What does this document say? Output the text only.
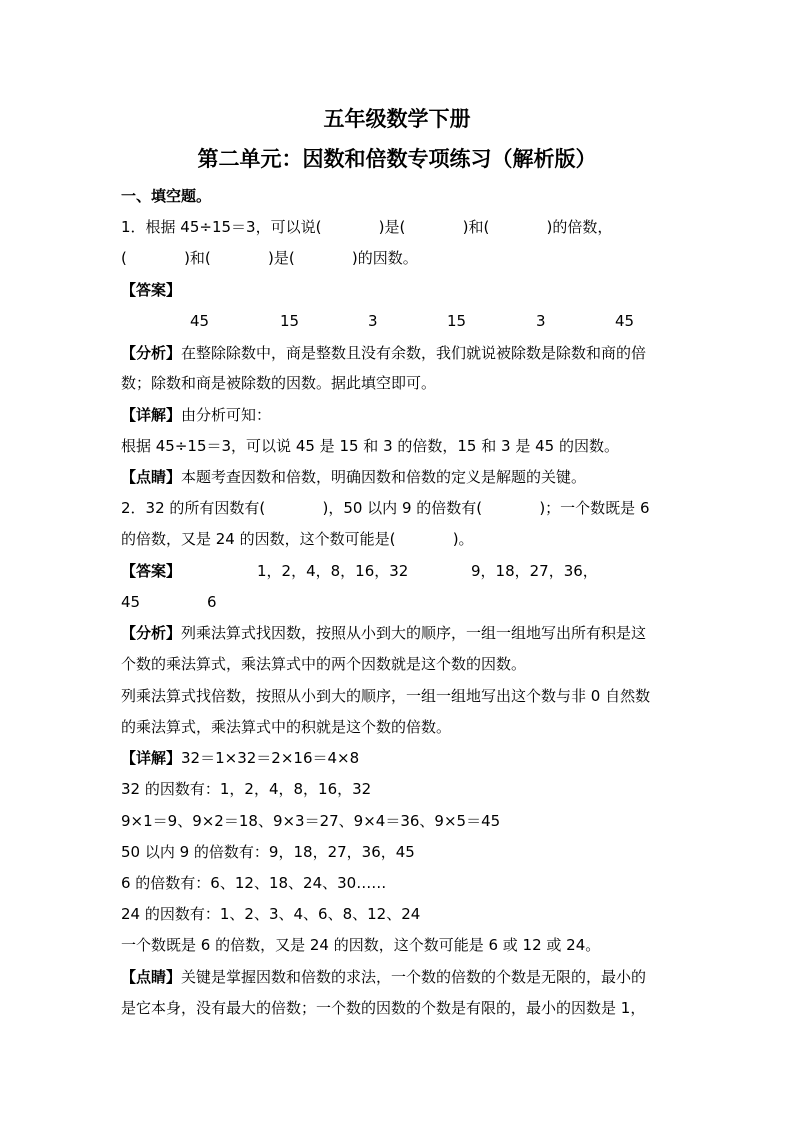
五年级数学下册
第二单元：因数和倍数专项练习（解析版）
一、填空题。
1．根据 45÷15＝3，可以说(            )是(            )和(            )的倍数，
(            )和(            )是(            )的因数。
【答案】
45	15	3	15	3	45
【分析】在整除除数中，商是整数且没有余数，我们就说被除数是除数和商的倍
数；除数和商是被除数的因数。据此填空即可。
【详解】由分析可知：
根据 45÷15＝3，可以说 45 是 15 和 3 的倍数，15 和 3 是 45 的因数。
【点睛】本题考查因数和倍数，明确因数和倍数的定义是解题的关键。
2．32 的所有因数有(            )，50 以内 9 的倍数有(            )；一个数既是 6
的倍数，又是 24 的因数，这个数可能是(            )。
【答案】	1，2，4，8，16，32	9，18，27，36，
45	6
【分析】列乘法算式找因数，按照从小到大的顺序，一组一组地写出所有积是这
个数的乘法算式，乘法算式中的两个因数就是这个数的因数。
列乘法算式找倍数，按照从小到大的顺序，一组一组地写出这个数与非 0 自然数
的乘法算式，乘法算式中的积就是这个数的倍数。
【详解】32＝1×32＝2×16＝4×8
32 的因数有：1，2，4，8，16，32
9×1＝9、9×2＝18、9×3＝27、9×4＝36、9×5＝45
50 以内 9 的倍数有：9，18，27，36，45
6 的倍数有：6、12、18、24、30……
24 的因数有：1、2、3、4、6、8、12、24
一个数既是 6 的倍数，又是 24 的因数，这个数可能是 6 或 12 或 24。
【点睛】关键是掌握因数和倍数的求法，一个数的倍数的个数是无限的，最小的
是它本身，没有最大的倍数；一个数的因数的个数是有限的，最小的因数是 1，
